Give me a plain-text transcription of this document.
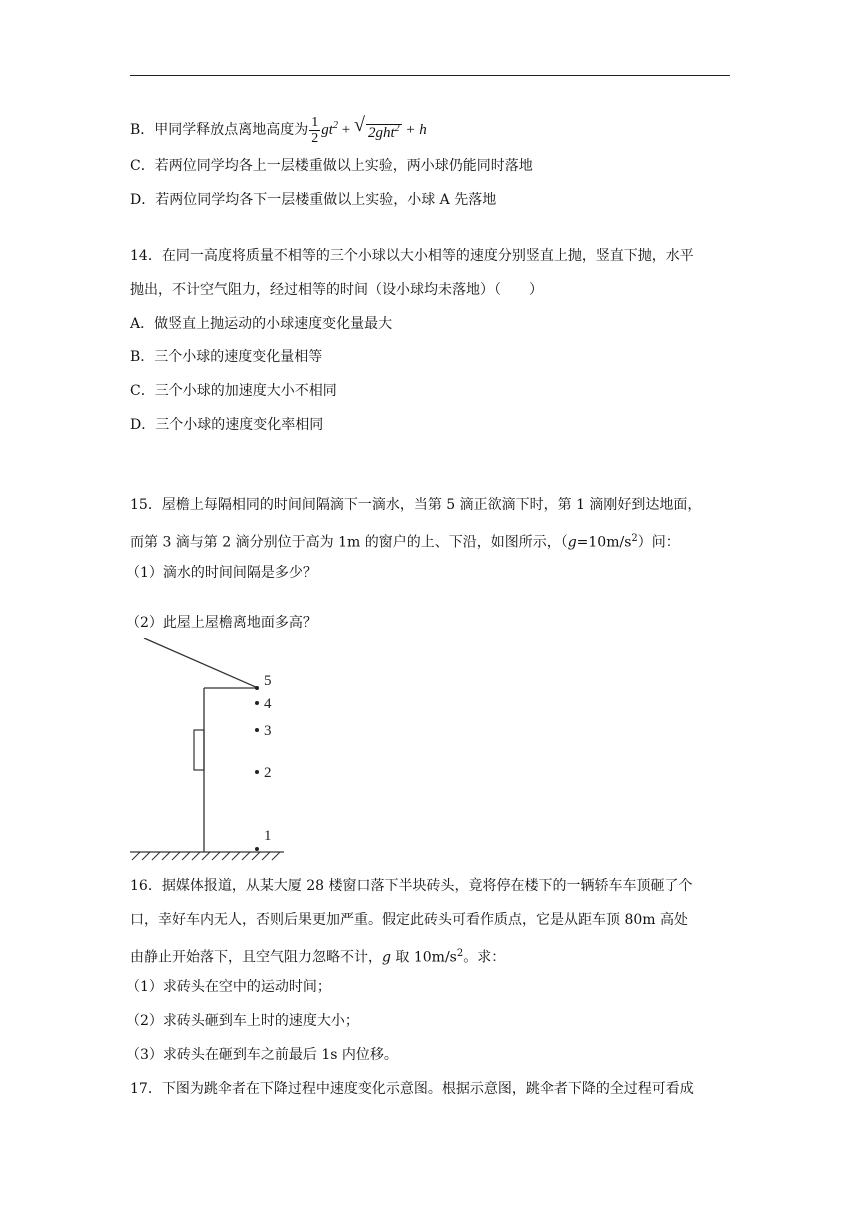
B．甲同学释放点离地高度为 $\frac{1}{2} gt^2$ + √ 2ght$^2$ + h
C．若两位同学均各上一层楼重做以上实验，两小球仍能同时落地
D．若两位同学均各下一层楼重做以上实验，小球 A 先落地
14．在同一高度将质量不相等的三个小球以大小相等的速度分别竖直上抛，竖直下抛，水平
抛出，不计空气阻力，经过相等的时间（设小球均未落地）（　　）
A．做竖直上抛运动的小球速度变化量最大
B．三个小球的速度变化量相等
C．三个小球的加速度大小不相同
D．三个小球的速度变化率相同
15．屋檐上每隔相同的时间间隔滴下一滴水，当第 5 滴正欲滴下时，第 1 滴刚好到达地面，
而第 3 滴与第 2 滴分别位于高为 1m 的窗户的上、下沿，如图所示，$(g=10m/s^2)$问：
（1）滴水的时间间隔是多少？
（2）此屋上屋檐离地面多高？
5
4
3
2
1
16．据媒体报道，从某大厦 28 楼窗口落下半块砖头，竟将停在楼下的一辆轿车车顶砸了个
口，幸好车内无人，否则后果更加严重。假定此砖头可看作质点，它是从距车顶 80m 高处
由静止开始落下，且空气阻力忽略不计，g 取 $10m/s^2$。求：
（1）求砖头在空中的运动时间；
（2）求砖头砸到车上时的速度大小；
（3）求砖头在砸到车之前最后 1s 内位移。
17．下图为跳伞者在下降过程中速度变化示意图。根据示意图，跳伞者下降的全过程可看成
